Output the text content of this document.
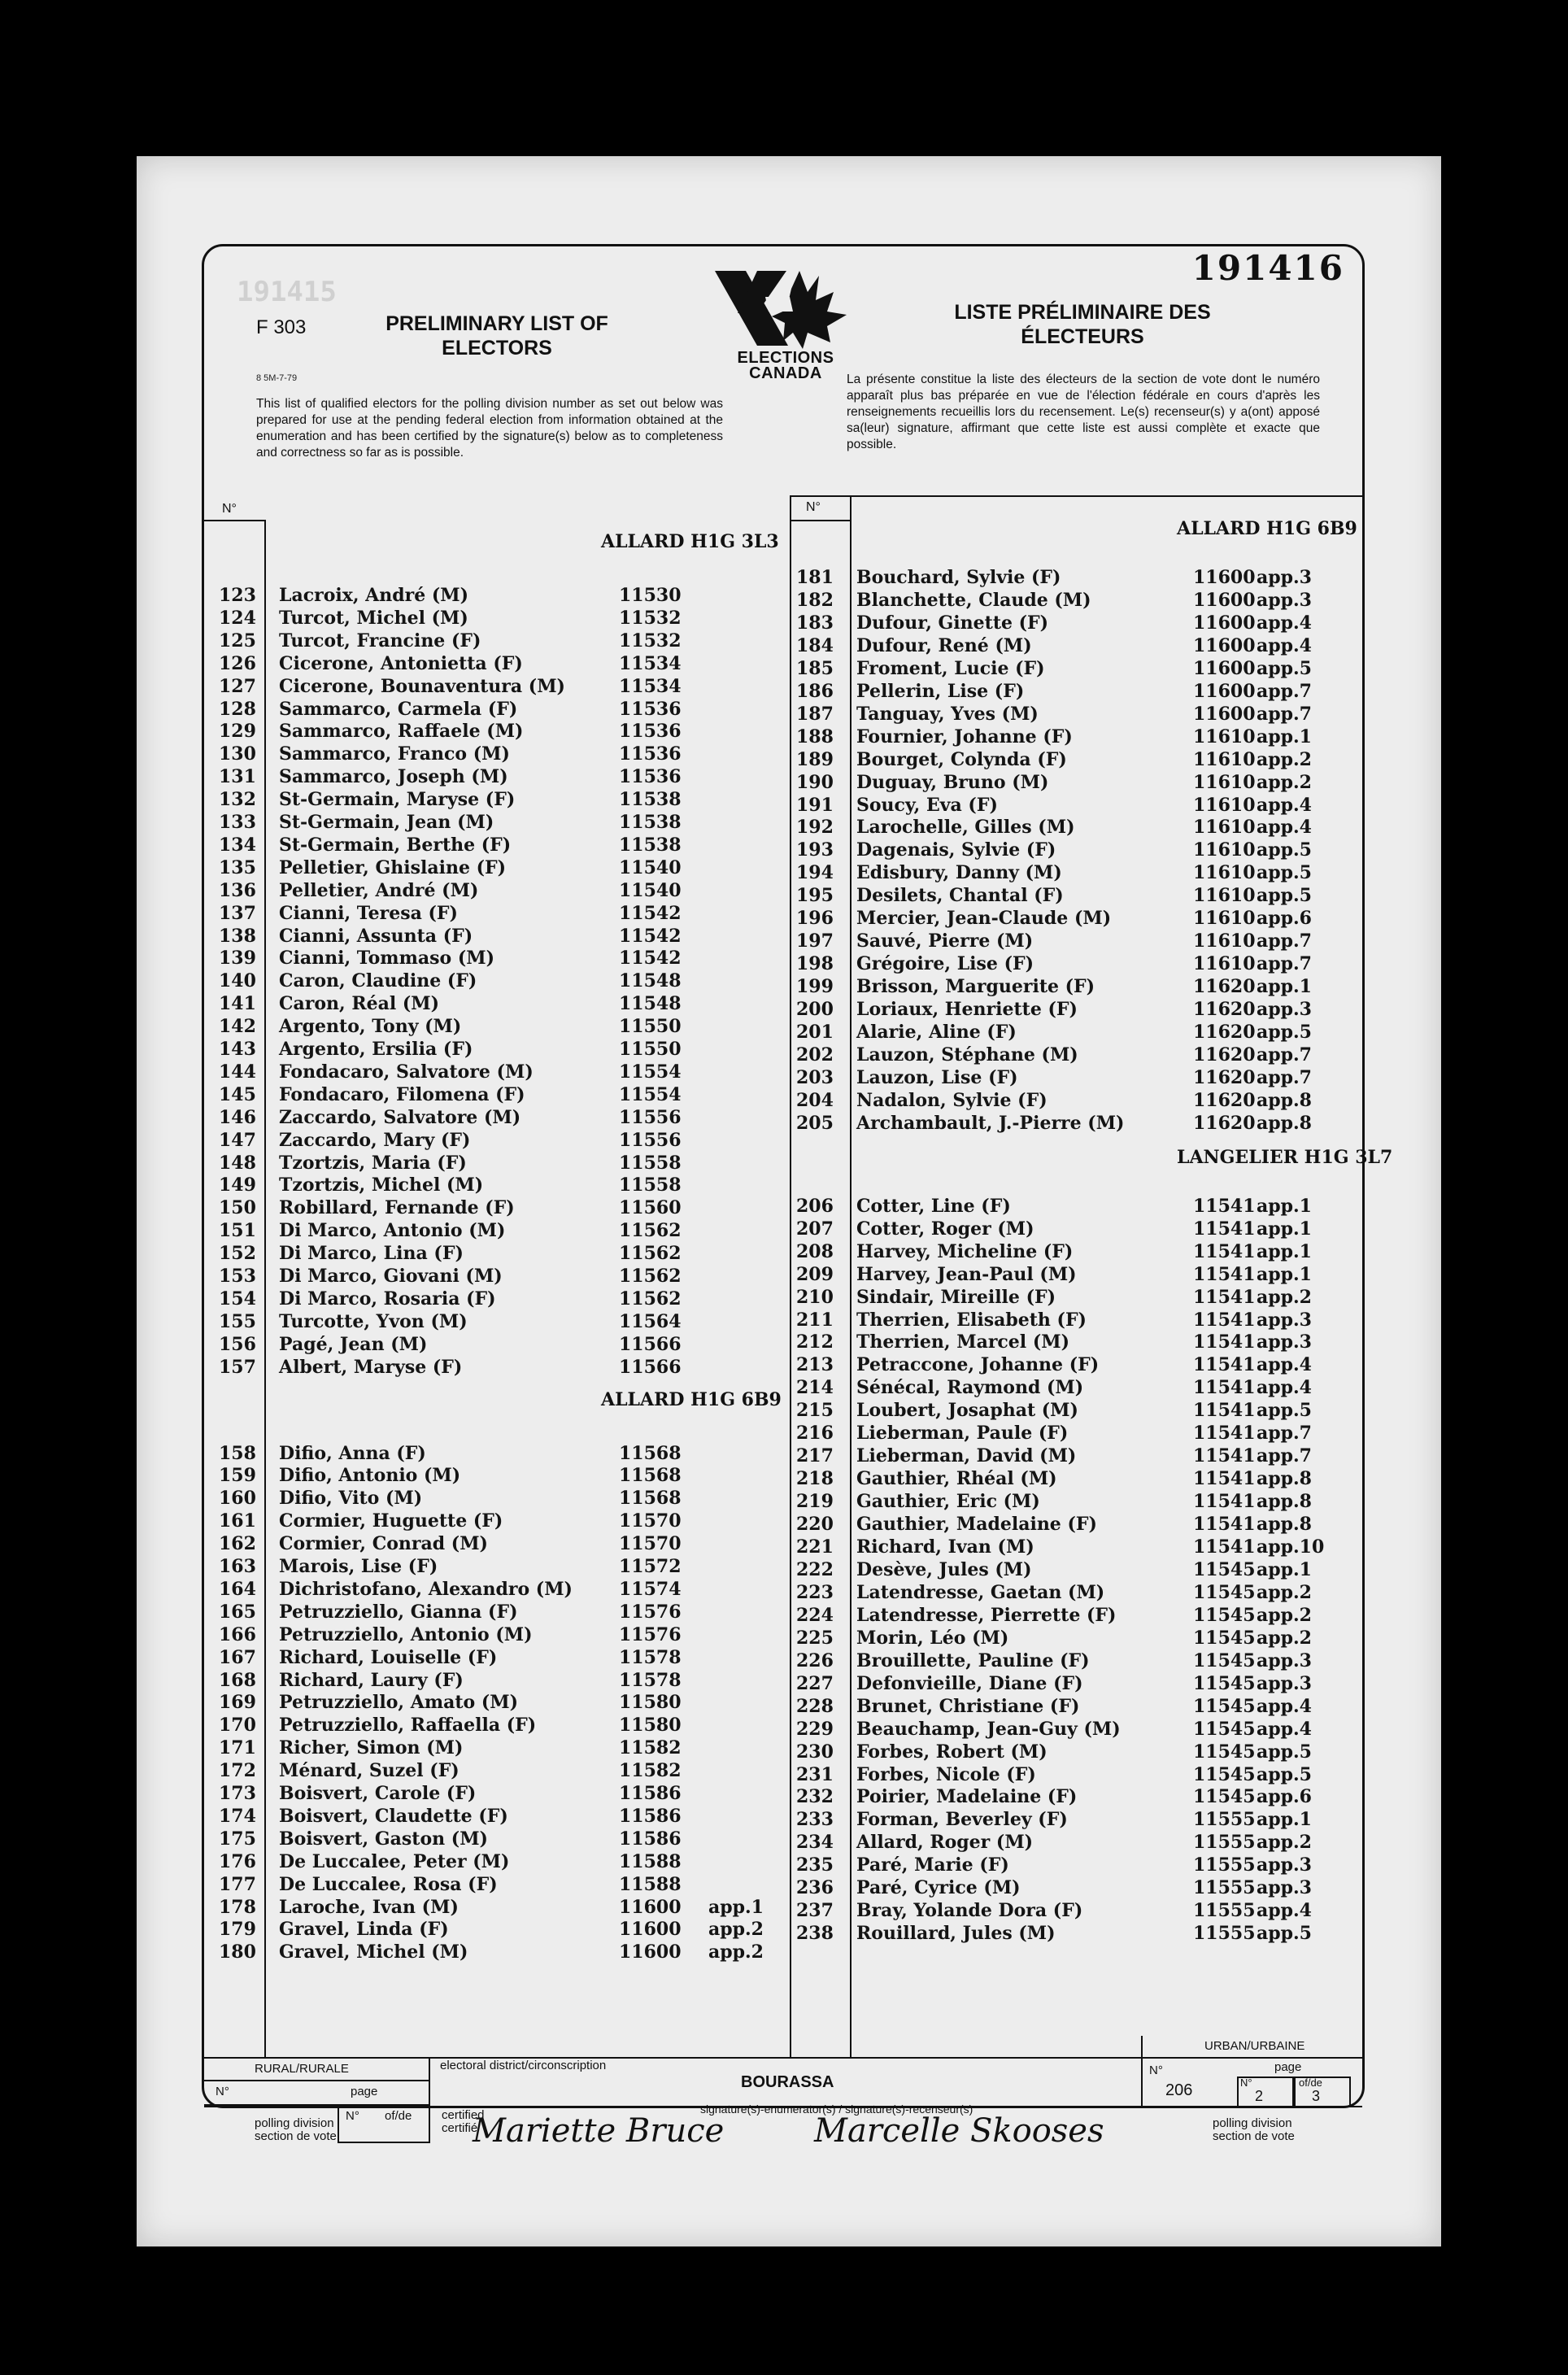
191415
191416
F 303	PRELIMINARY LIST OF
ELECTORS
8 5M-7-79
ELECTIONS
CANADA
LISTE PRÉLIMINAIRE DES
ÉLECTEURS
This list of qualified electors for the polling division number as set out below was prepared for use at the pending federal election from information obtained at the enumeration and has been certified by the signature(s) below as to completeness and correctness so far as is possible.
La présente constitue la liste des électeurs de la section de vote dont le numéro apparaît plus bas préparée en vue de l'élection fédérale en cours d'après les renseignements recueillis lors du recensement. Le(s) recenseur(s) y a(ont) apposé sa(leur) signature, affirmant que cette liste est aussi complète et exacte que possible.
N°	N°
ALLARD H1G 3L3
123 Lacroix, André (M)	11530
124 Turcot, Michel (M)	11532
125 Turcot, Francine (F)	11532
126 Cicerone, Antonietta (F)	11534
127 Cicerone, Bounaventura (M)	11534
128 Sammarco, Carmela (F)	11536
129 Sammarco, Raffaele (M)	11536
130 Sammarco, Franco (M)	11536
131 Sammarco, Joseph (M)	11536
132 St-Germain, Maryse (F)	11538
133 St-Germain, Jean (M)	11538
134 St-Germain, Berthe (F)	11538
135 Pelletier, Ghislaine (F)	11540
136 Pelletier, André (M)	11540
137 Cianni, Teresa (F)	11542
138 Cianni, Assunta (F)	11542
139 Cianni, Tommaso (M)	11542
140 Caron, Claudine (F)	11548
141 Caron, Réal (M)	11548
142 Argento, Tony (M)	11550
143 Argento, Ersilia (F)	11550
144 Fondacaro, Salvatore (M)	11554
145 Fondacaro, Filomena (F)	11554
146 Zaccardo, Salvatore (M)	11556
147 Zaccardo, Mary (F)	11556
148 Tzortzis, Maria (F)	11558
149 Tzortzis, Michel (M)	11558
150 Robillard, Fernande (F)	11560
151 Di Marco, Antonio (M)	11562
152 Di Marco, Lina (F)	11562
153 Di Marco, Giovani (M)	11562
154 Di Marco, Rosaria (F)	11562
155 Turcotte, Yvon (M)	11564
156 Pagé, Jean (M)	11566
157 Albert, Maryse (F)	11566
ALLARD H1G 6B9
158 Difio, Anna (F)	11568
159 Difio, Antonio (M)	11568
160 Difio, Vito (M)	11568
161 Cormier, Huguette (F)	11570
162 Cormier, Conrad (M)	11570
163 Marois, Lise (F)	11572
164 Dichristofano, Alexandro (M)	11574
165 Petruzziello, Gianna (F)	11576
166 Petruzziello, Antonio (M)	11576
167 Richard, Louiselle (F)	11578
168 Richard, Laury (F)	11578
169 Petruzziello, Amato (M)	11580
170 Petruzziello, Raffaella (F)	11580
171 Richer, Simon (M)	11582
172 Ménard, Suzel (F)	11582
173 Boisvert, Carole (F)	11586
174 Boisvert, Claudette (F)	11586
175 Boisvert, Gaston (M)	11586
176 De Luccalee, Peter (M)	11588
177 De Luccalee, Rosa (F)	11588
178 Laroche, Ivan (M)	11600 app.1
179 Gravel, Linda (F)	11600 app.2
180 Gravel, Michel (M)	11600 app.2
ALLARD H1G 6B9
181 Bouchard, Sylvie (F)	11600 app.3
182 Blanchette, Claude (M)	11600 app.3
183 Dufour, Ginette (F)	11600 app.4
184 Dufour, René (M)	11600 app.4
185 Froment, Lucie (F)	11600 app.5
186 Pellerin, Lise (F)	11600 app.7
187 Tanguay, Yves (M)	11600 app.7
188 Fournier, Johanne (F)	11610 app.1
189 Bourget, Colynda (F)	11610 app.2
190 Duguay, Bruno (M)	11610 app.2
191 Soucy, Eva (F)	11610 app.4
192 Larochelle, Gilles (M)	11610 app.4
193 Dagenais, Sylvie (F)	11610 app.5
194 Edisbury, Danny (M)	11610 app.5
195 Desilets, Chantal (F)	11610 app.5
196 Mercier, Jean-Claude (M)	11610 app.6
197 Sauvé, Pierre (M)	11610 app.7
198 Grégoire, Lise (F)	11610 app.7
199 Brisson, Marguerite (F)	11620 app.1
200 Loriaux, Henriette (F)	11620 app.3
201 Alarie, Aline (F)	11620 app.5
202 Lauzon, Stéphane (M)	11620 app.7
203 Lauzon, Lise (F)	11620 app.7
204 Nadalon, Sylvie (F)	11620 app.8
205 Archambault, J.-Pierre (M)	11620 app.8
LANGELIER H1G 3L7
206 Cotter, Line (F)	11541 app.1
207 Cotter, Roger (M)	11541 app.1
208 Harvey, Micheline (F)	11541 app.1
209 Harvey, Jean-Paul (M)	11541 app.1
210 Sindair, Mireille (F)	11541 app.2
211 Therrien, Elisabeth (F)	11541 app.3
212 Therrien, Marcel (M)	11541 app.3
213 Petraccone, Johanne (F)	11541 app.4
214 Sénécal, Raymond (M)	11541 app.4
215 Loubert, Josaphat (M)	11541 app.5
216 Lieberman, Paule (F)	11541 app.7
217 Lieberman, David (M)	11541 app.7
218 Gauthier, Rhéal (M)	11541 app.8
219 Gauthier, Eric (M)	11541 app.8
220 Gauthier, Madelaine (F)	11541 app.8
221 Richard, Ivan (M)	11541 app.10
222 Desève, Jules (M)	11545 app.1
223 Latendresse, Gaetan (M)	11545 app.2
224 Latendresse, Pierrette (F)	11545 app.2
225 Morin, Léo (M)	11545 app.2
226 Brouillette, Pauline (F)	11545 app.3
227 Defonvieille, Diane (F)	11545 app.3
228 Brunet, Christiane (F)	11545 app.4
229 Beauchamp, Jean-Guy (M)	11545 app.4
230 Forbes, Robert (M)	11545 app.5
231 Forbes, Nicole (F)	11545 app.5
232 Poirier, Madelaine (F)	11545 app.6
233 Forman, Beverley (F)	11555 app.1
234 Allard, Roger (M)	11555 app.2
235 Paré, Marie (F)	11555 app.3
236 Paré, Cyrice (M)	11555 app.3
237 Bray, Yolande Dora (F)	11555 app.4
238 Rouillard, Jules (M)	11555 app.5
RURAL/RURALE
N°	page
electoral district/circonscription
BOURASSA
URBAN/URBAINE
N°	page
206	N°
2
of/de
3
N° of/de
polling division
section de vote
certified
certifié
signature(s)-enumerator(s) / signature(s)-recenseur(s)
Mariette Bruce	Marcelle Skooses	polling division
section de vote
